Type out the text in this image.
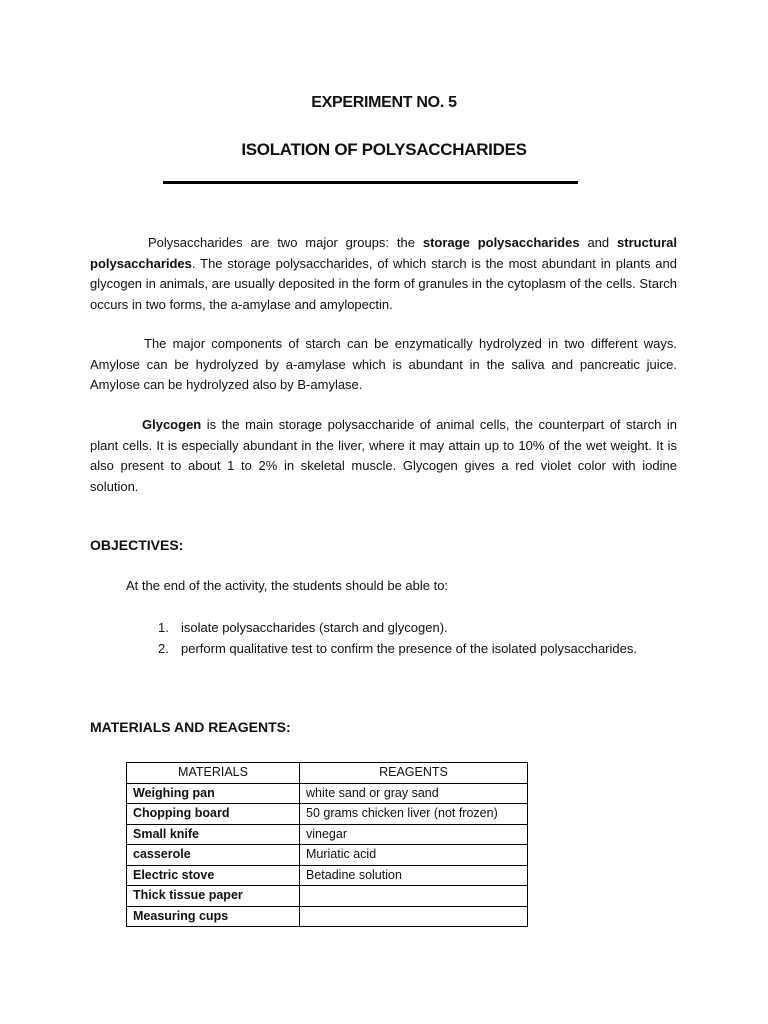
EXPERIMENT NO. 5
ISOLATION OF POLYSACCHARIDES
Polysaccharides are two major groups: the storage polysaccharides and structural polysaccharides. The storage polysaccharides, of which starch is the most abundant in plants and glycogen in animals, are usually deposited in the form of granules in the cytoplasm of the cells. Starch occurs in two forms, the a-amylase and amylopectin.
The major components of starch can be enzymatically hydrolyzed in two different ways. Amylose can be hydrolyzed by a-amylase which is abundant in the saliva and pancreatic juice. Amylose can be hydrolyzed also by B-amylase.
Glycogen is the main storage polysaccharide of animal cells, the counterpart of starch in plant cells. It is especially abundant in the liver, where it may attain up to 10% of the wet weight. It is also present to about 1 to 2% in skeletal muscle. Glycogen gives a red violet color with iodine solution.
OBJECTIVES:
At the end of the activity, the students should be able to:
1. isolate polysaccharides (starch and glycogen).
2. perform qualitative test to confirm the presence of the isolated polysaccharides.
MATERIALS AND REAGENTS:
MATERIALS	REAGENTS
Weighing pan	white sand or gray sand
Chopping board	50 grams chicken liver (not frozen)
Small knife	vinegar
casserole	Muriatic acid
Electric stove	Betadine solution
Thick tissue paper	
Measuring cups	
